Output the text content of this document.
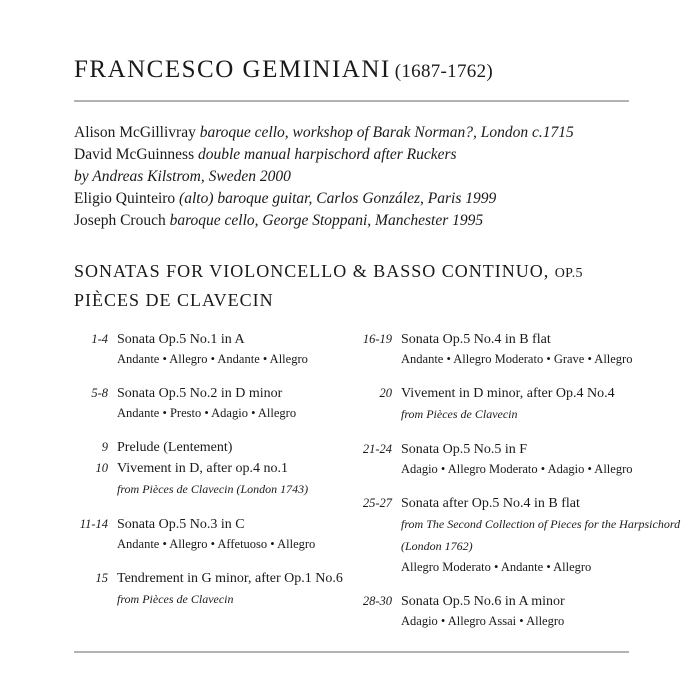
FRANCESCO GEMINIANI (1687-1762)
Alison McGillivray baroque cello, workshop of Barak Norman?, London c.1715
David McGuinness double manual harpischord after Ruckers
by Andreas Kilstrom, Sweden 2000
Eligio Quinteiro (alto) baroque guitar, Carlos González, Paris 1999
Joseph Crouch baroque cello, George Stoppani, Manchester 1995
SONATAS FOR VIOLONCELLO & BASSO CONTINUO, OP.5
PIÈCES DE CLAVECIN
1-4 Sonata Op.5 No.1 in A
Andante • Allegro • Andante • Allegro
5-8 Sonata Op.5 No.2 in D minor
Andante • Presto • Adagio • Allegro
9 Prelude (Lentement)
10 Vivement in D, after op.4 no.1
from Pièces de Clavecin (London 1743)
11-14 Sonata Op.5 No.3 in C
Andante • Allegro • Affetuoso • Allegro
15 Tendrement in G minor, after Op.1 No.6
from Pièces de Clavecin
16-19 Sonata Op.5 No.4 in B flat
Andante • Allegro Moderato • Grave • Allegro
20 Vivement in D minor, after Op.4 No.4
from Pièces de Clavecin
21-24 Sonata Op.5 No.5 in F
Adagio • Allegro Moderato • Adagio • Allegro
25-27 Sonata after Op.5 No.4 in B flat
from The Second Collection of Pieces for the Harpsichord
(London 1762)
Allegro Moderato • Andante • Allegro
28-30 Sonata Op.5 No.6 in A minor
Adagio • Allegro Assai • Allegro
